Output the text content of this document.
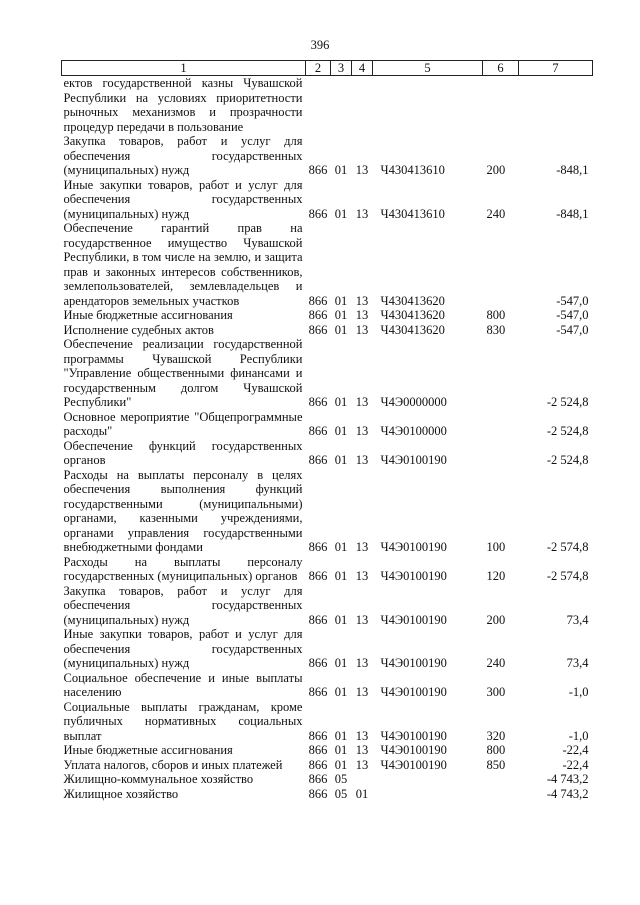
396
1	2	3	4	5	6	7
ектов государственной казны Чувашской Республики на условиях приоритетности рыночных механизмов и прозрачности процедур передачи в пользование						
Закупка товаров, работ и услуг для обеспечения государственных (муниципальных) нужд	866	01	13	Ч430413610	200	-848,1
Иные закупки товаров, работ и услуг для обеспечения государственных (муниципальных) нужд	866	01	13	Ч430413610	240	-848,1
Обеспечение гарантий прав на государственное имущество Чувашской Республики, в том числе на землю, и защита прав и законных интересов собственников, землепользователей, землевладельцев и арендаторов земельных участков	866	01	13	Ч430413620		-547,0
Иные бюджетные ассигнования	866	01	13	Ч430413620	800	-547,0
Исполнение судебных актов	866	01	13	Ч430413620	830	-547,0
Обеспечение реализации государственной программы Чувашской Республики "Управление общественными финансами и государственным долгом Чувашской Республики"	866	01	13	Ч4Э0000000		-2 524,8
Основное мероприятие "Общепрограммные расходы"	866	01	13	Ч4Э0100000		-2 524,8
Обеспечение функций государственных органов	866	01	13	Ч4Э0100190		-2 524,8
Расходы на выплаты персоналу в целях обеспечения выполнения функций государственными (муниципальными) органами, казенными учреждениями, органами управления государственными внебюджетными фондами	866	01	13	Ч4Э0100190	100	-2 574,8
Расходы на выплаты персоналу государственных (муниципальных) органов	866	01	13	Ч4Э0100190	120	-2 574,8
Закупка товаров, работ и услуг для обеспечения государственных (муниципальных) нужд	866	01	13	Ч4Э0100190	200	73,4
Иные закупки товаров, работ и услуг для обеспечения государственных (муниципальных) нужд	866	01	13	Ч4Э0100190	240	73,4
Социальное обеспечение и иные выплаты населению	866	01	13	Ч4Э0100190	300	-1,0
Социальные выплаты гражданам, кроме публичных нормативных социальных выплат	866	01	13	Ч4Э0100190	320	-1,0
Иные бюджетные ассигнования	866	01	13	Ч4Э0100190	800	-22,4
Уплата налогов, сборов и иных платежей	866	01	13	Ч4Э0100190	850	-22,4
Жилищно-коммунальное хозяйство	866	05				-4 743,2
Жилищное хозяйство	866	05	01			-4 743,2
